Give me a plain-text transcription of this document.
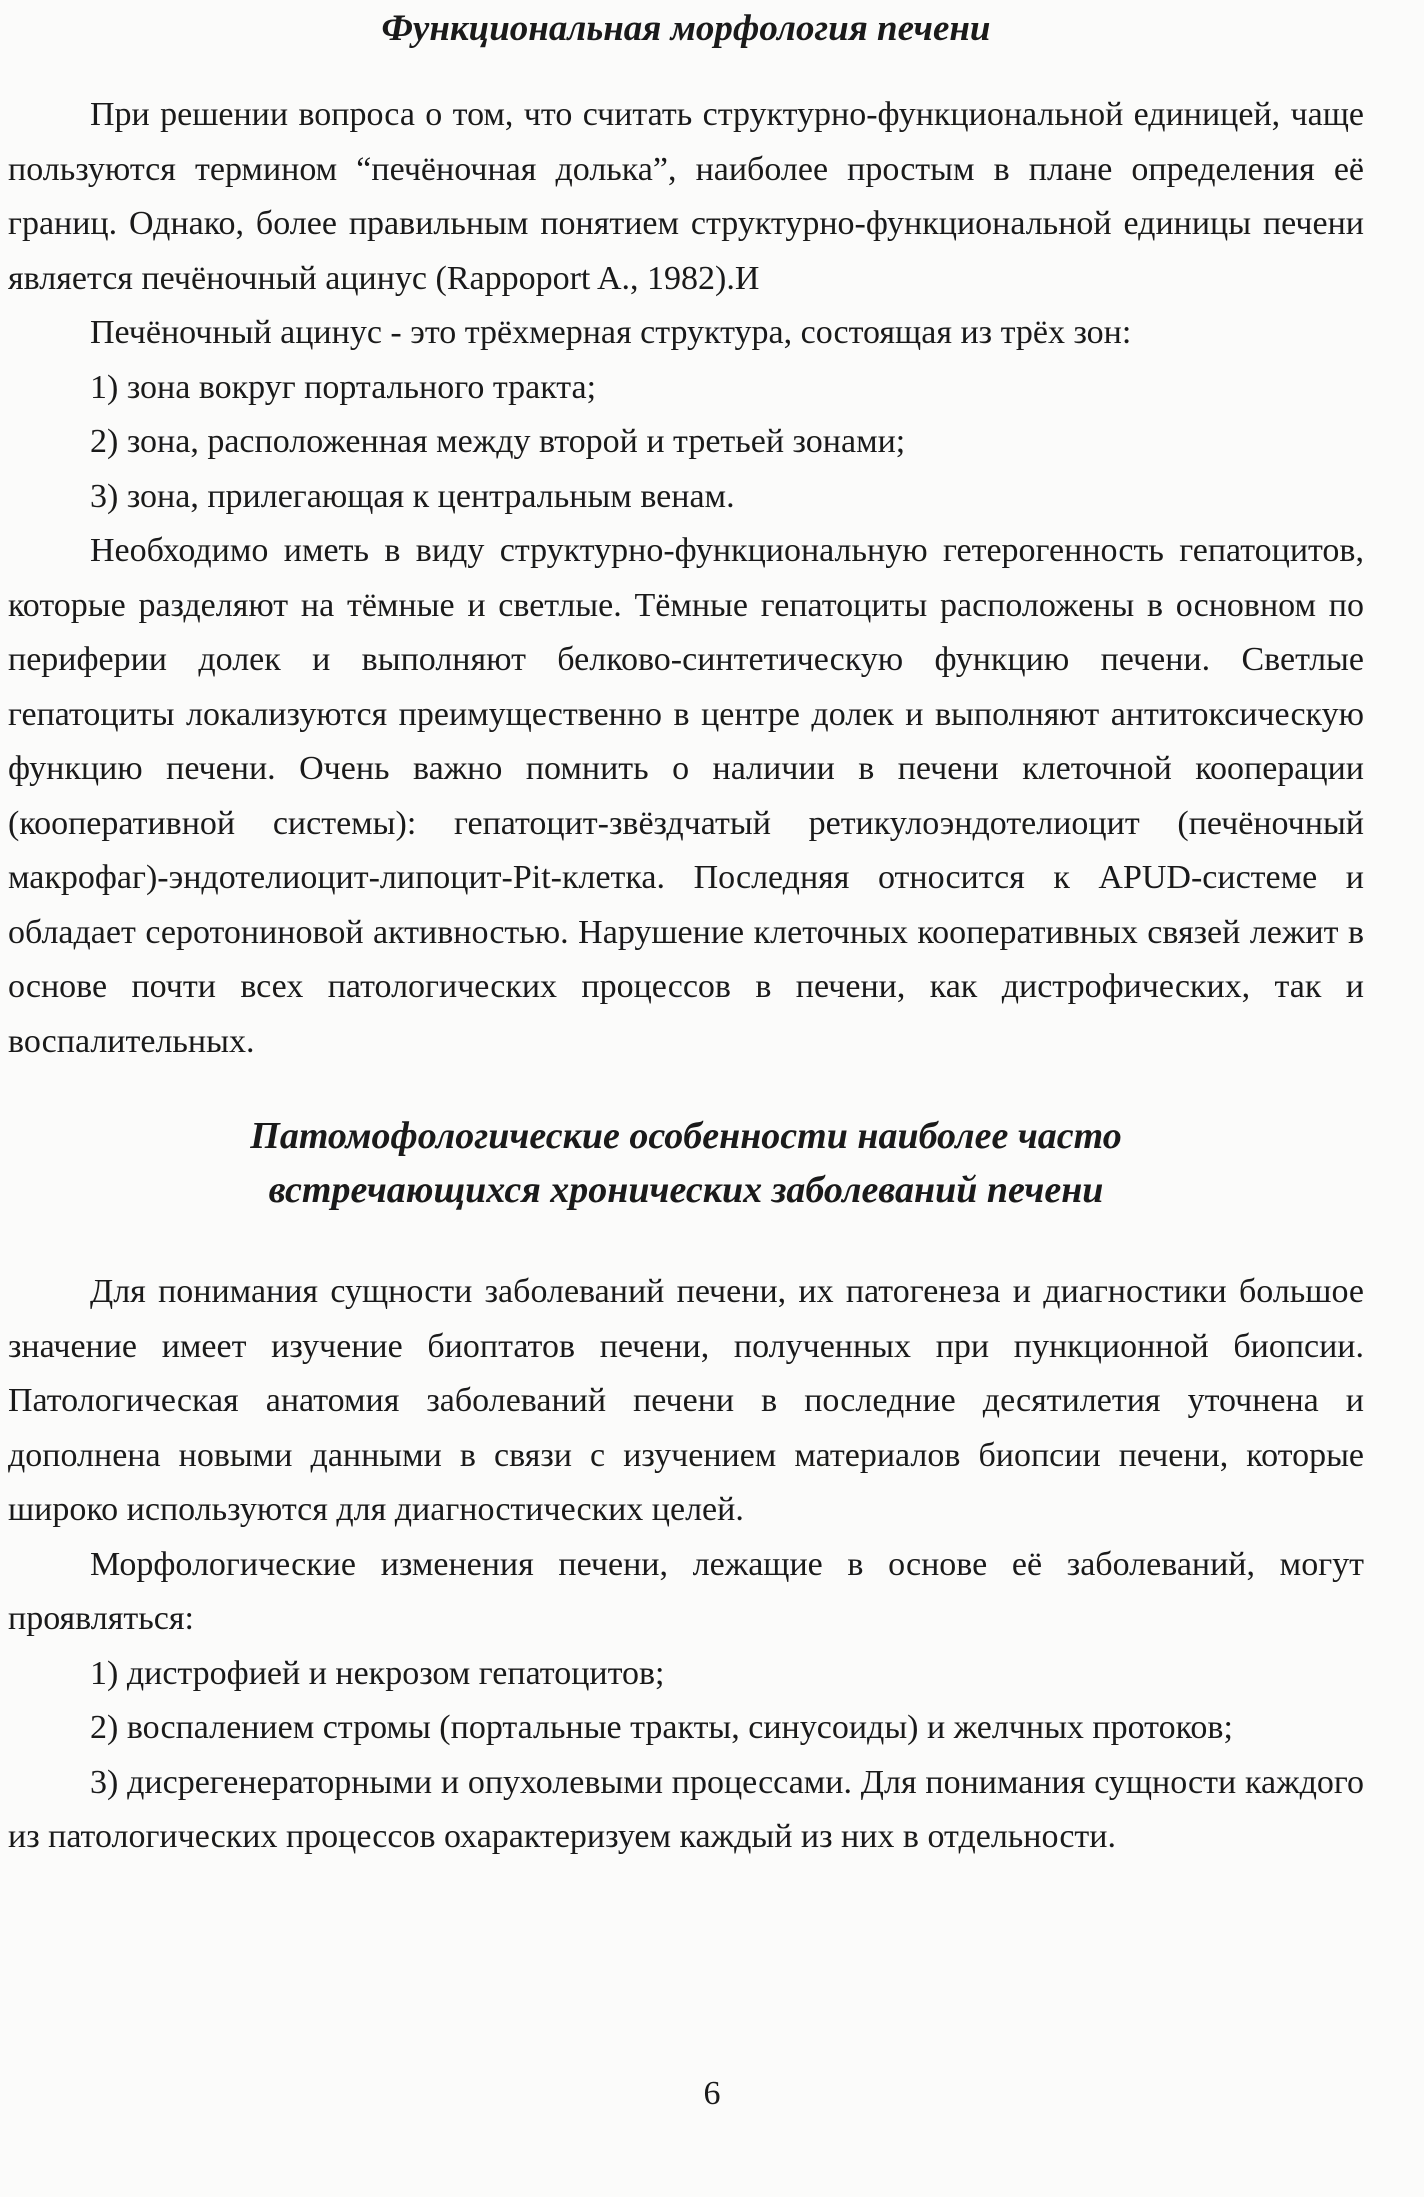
Функциональная морфология печени

При решении вопроса о том, что считать структурно-функциональной единицей, чаще пользуются термином “печёночная долька”, наиболее простым в плане определения её границ. Однако, более правильным понятием структурно-функциональной единицы печени является печёночный ацинус (Rappoport A., 1982).И

Печёночный ацинус - это трёхмерная структура, состоящая из трёх зон:

1) зона вокруг портального тракта;

2) зона, расположенная между второй и третьей зонами;

3) зона, прилегающая к центральным венам.

Необходимо иметь в виду структурно-функциональную гетерогенность гепатоцитов, которые разделяют на тёмные и светлые. Тёмные гепатоциты расположены в основном по периферии долек и выполняют белково-синтетическую функцию печени. Светлые гепатоциты локализуются преимущественно в центре долек и выполняют антитоксическую функцию печени. Очень важно помнить о наличии в печени клеточной кооперации (кооперативной системы): гепатоцит-звёздчатый ретикулоэндотелиоцит (печёночный макрофаг)-эндотелиоцит-липоцит-Pit-клетка. Последняя относится к APUD-системе и обладает серотониновой активностью. Нарушение клеточных кооперативных связей лежит в основе почти всех патологических процессов в печени, как дистрофических, так и воспалительных.

Патомофологические особенности наиболее часто
встречающихся хронических заболеваний печени

Для понимания сущности заболеваний печени, их патогенеза и диагностики большое значение имеет изучение биоптатов печени, полученных при пункционной биопсии. Патологическая анатомия заболеваний печени в последние десятилетия уточнена и дополнена новыми данными в связи с изучением материалов биопсии печени, которые широко используются для диагностических целей.

Морфологические изменения печени, лежащие в основе её заболеваний, могут проявляться:

1) дистрофией и некрозом гепатоцитов;

2) воспалением стромы (портальные тракты, синусоиды) и желчных протоков;

3) дисрегенераторными и опухолевыми процессами. Для понимания сущности каждого из патологических процессов охарактеризуем каждый из них в отдельности.

6
